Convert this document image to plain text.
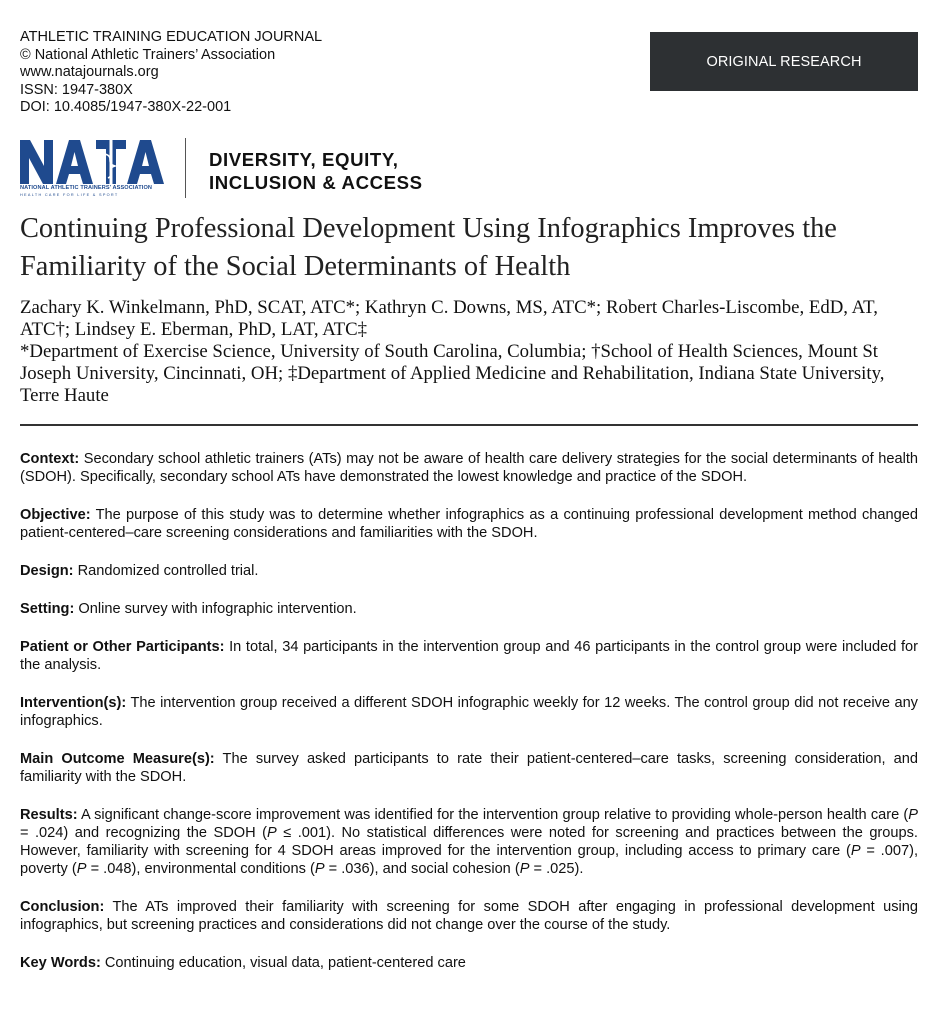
ATHLETIC TRAINING EDUCATION JOURNAL
© National Athletic Trainers’ Association
www.natajournals.org
ISSN: 1947-380X
DOI: 10.4085/1947-380X-22-001
ORIGINAL RESEARCH
NATIONAL ATHLETIC TRAINERS’ ASSOCIATION
HEALTH CARE FOR LIFE & SPORT
DIVERSITY, EQUITY,
INCLUSION & ACCESS
Continuing Professional Development Using Infographics Improves the Familiarity of the Social Determinants of Health
Zachary K. Winkelmann, PhD, SCAT, ATC*; Kathryn C. Downs, MS, ATC*; Robert Charles-Liscombe, EdD, AT, ATC†; Lindsey E. Eberman, PhD, LAT, ATC‡
*Department of Exercise Science, University of South Carolina, Columbia; †School of Health Sciences, Mount St Joseph University, Cincinnati, OH; ‡Department of Applied Medicine and Rehabilitation, Indiana State University, Terre Haute

Context: Secondary school athletic trainers (ATs) may not be aware of health care delivery strategies for the social determinants of health (SDOH). Specifically, secondary school ATs have demonstrated the lowest knowledge and practice of the SDOH.

Objective: The purpose of this study was to determine whether infographics as a continuing professional development method changed patient-centered–care screening considerations and familiarities with the SDOH.

Design: Randomized controlled trial.

Setting: Online survey with infographic intervention.

Patient or Other Participants: In total, 34 participants in the intervention group and 46 participants in the control group were included for the analysis.

Intervention(s): The intervention group received a different SDOH infographic weekly for 12 weeks. The control group did not receive any infographics.

Main Outcome Measure(s): The survey asked participants to rate their patient-centered–care tasks, screening consideration, and familiarity with the SDOH.

Results: A significant change-score improvement was identified for the intervention group relative to providing whole-person health care (P = .024) and recognizing the SDOH (P ≤ .001). No statistical differences were noted for screening and practices between the groups. However, familiarity with screening for 4 SDOH areas improved for the intervention group, including access to primary care (P = .007), poverty (P = .048), environmental conditions (P = .036), and social cohesion (P = .025).

Conclusion: The ATs improved their familiarity with screening for some SDOH after engaging in professional development using infographics, but screening practices and considerations did not change over the course of the study.

Key Words: Continuing education, visual data, patient-centered care
